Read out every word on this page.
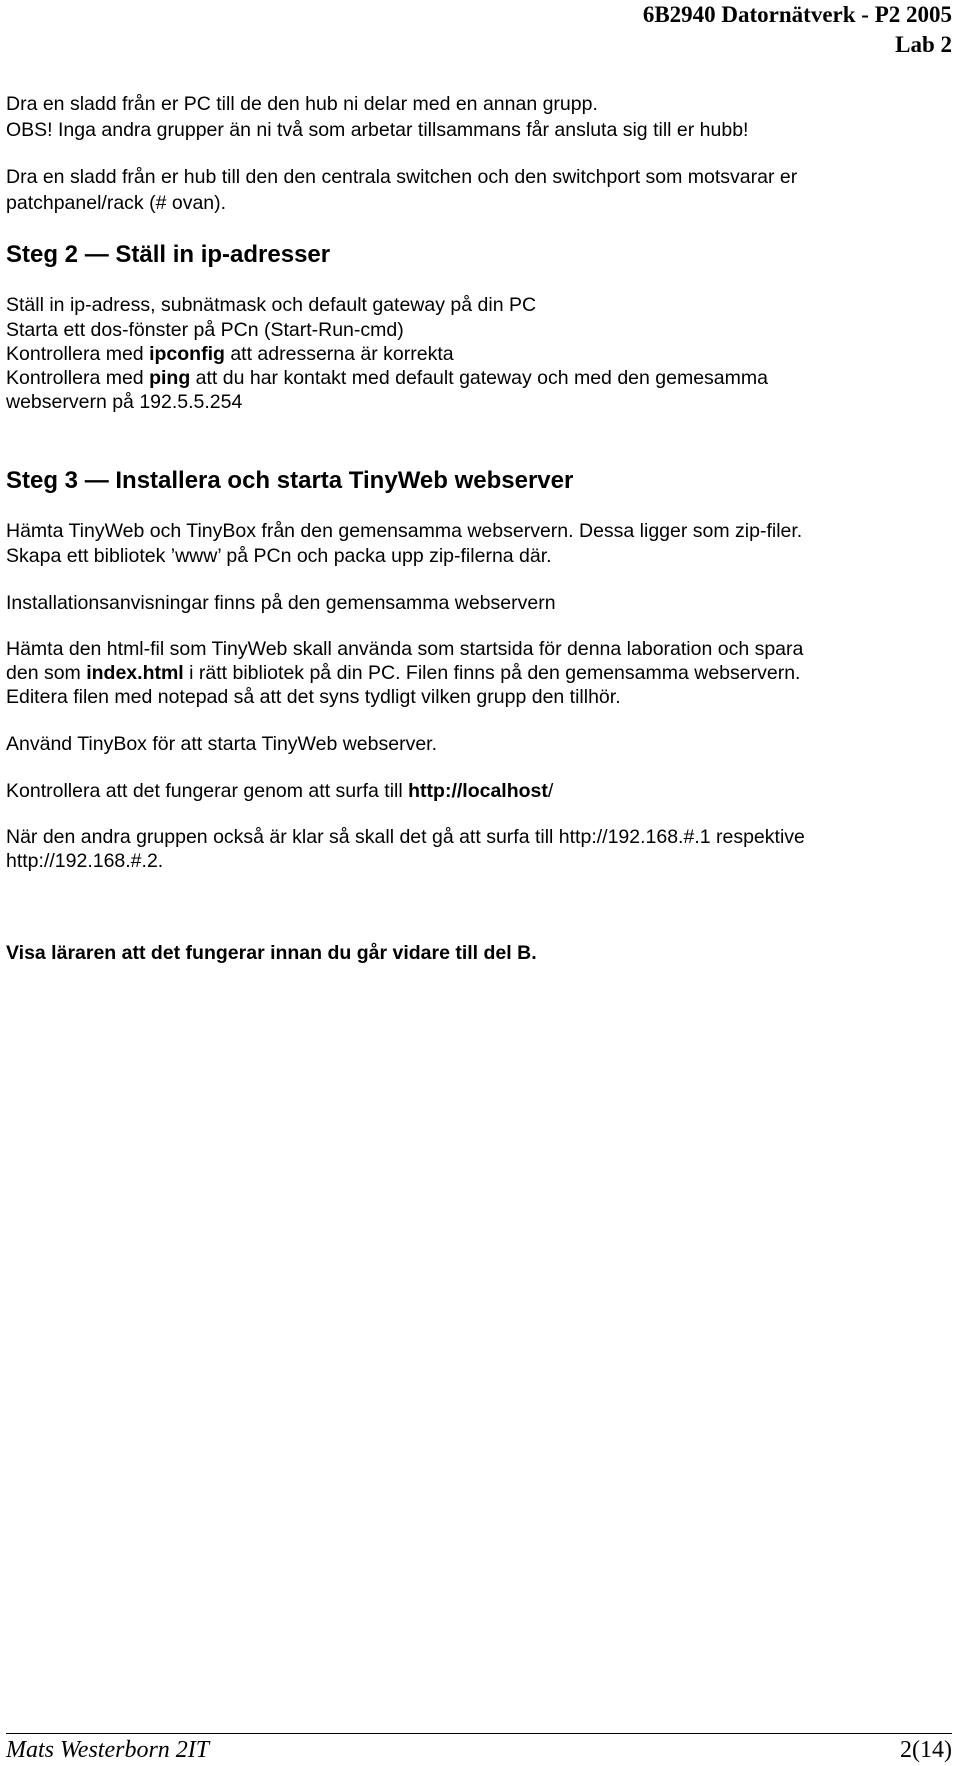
6B2940 Datornätverk - P2 2005
Lab 2

Dra en sladd från er PC till de den hub ni delar med en annan grupp.

OBS! Inga andra grupper än ni två som arbetar tillsammans får ansluta sig till er hubb!

Dra en sladd från er hub till den den centrala switchen och den switchport som motsvarar er

patchpanel/rack (# ovan).

Steg 2 — Ställ in ip-adresser

Ställ in ip-adress, subnätmask och default gateway på din PC

Starta ett dos-fönster på PCn (Start-Run-cmd)

Kontrollera med ipconfig att adresserna är korrekta

Kontrollera med ping att du har kontakt med default gateway och med den gemesamma

webservern på 192.5.5.254

Steg 3 — Installera och starta TinyWeb webserver

Hämta TinyWeb och TinyBox från den gemensamma webservern. Dessa ligger som zip-filer.

Skapa ett bibliotek ’www’ på PCn och packa upp zip-filerna där.

Installationsanvisningar finns på den gemensamma webservern

Hämta den html-fil som TinyWeb skall använda som startsida för denna laboration och spara

den som index.html i rätt bibliotek på din PC. Filen finns på den gemensamma webservern.

Editera filen med notepad så att det syns tydligt vilken grupp den tillhör.

Använd TinyBox för att starta TinyWeb webserver.

Kontrollera att det fungerar genom att surfa till http://localhost/

När den andra gruppen också är klar så skall det gå att surfa till http://192.168.#.1 respektive

http://192.168.#.2.

Visa läraren att det fungerar innan du går vidare till del B.

Mats Westerborn 2IT	2(14)
